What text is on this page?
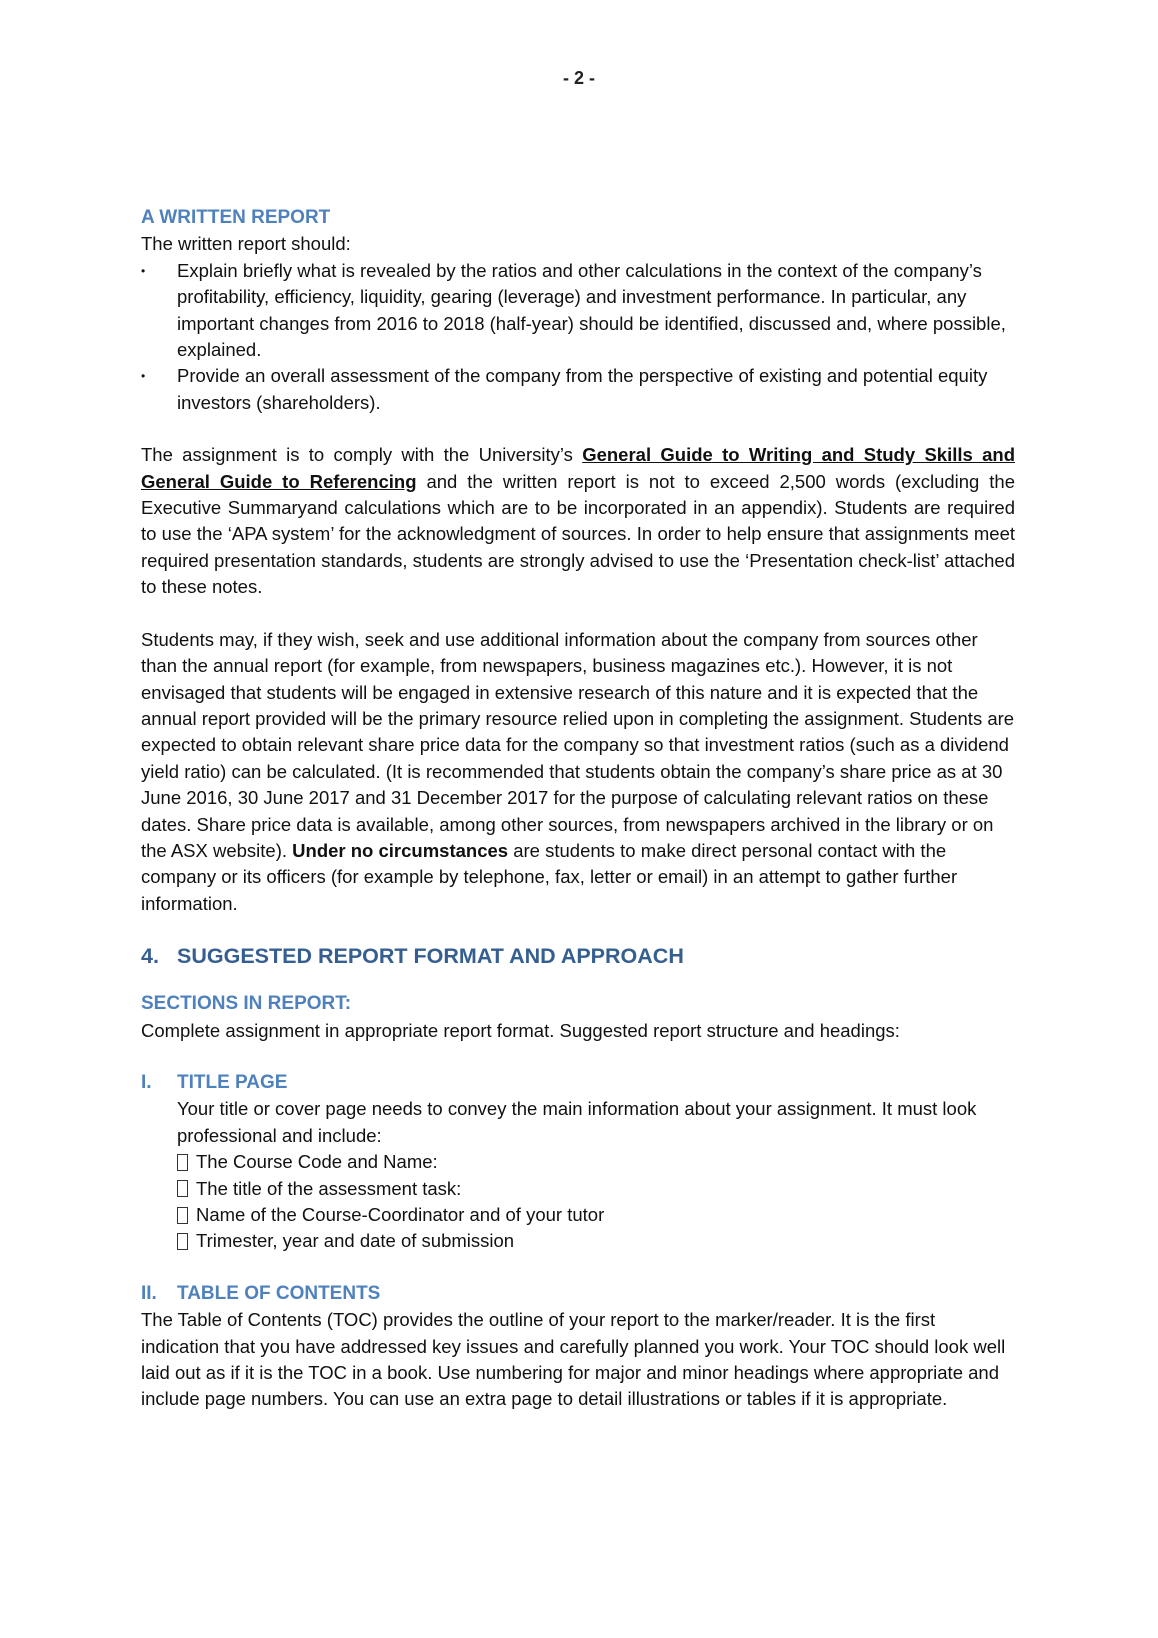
- 2 -

A WRITTEN REPORT

The written report should:

• Explain briefly what is revealed by the ratios and other calculations in the context of the company’s profitability, efficiency, liquidity, gearing (leverage) and investment performance. In particular, any important changes from 2016 to 2018 (half-year) should be identified, discussed and, where possible, explained.
• Provide an overall assessment of the company from the perspective of existing and potential equity investors (shareholders).

The assignment is to comply with the University’s General Guide to Writing and Study Skills and General Guide to Referencing and the written report is not to exceed 2,500 words (excluding the Executive Summaryand calculations which are to be incorporated in an appendix). Students are required to use the ‘APA system’ for the acknowledgment of sources. In order to help ensure that assignments meet required presentation standards, students are strongly advised to use the ‘Presentation check-list’ attached to these notes.

Students may, if they wish, seek and use additional information about the company from sources other than the annual report (for example, from newspapers, business magazines etc.). However, it is not envisaged that students will be engaged in extensive research of this nature and it is expected that the annual report provided will be the primary resource relied upon in completing the assignment. Students are expected to obtain relevant share price data for the company so that investment ratios (such as a dividend yield ratio) can be calculated. (It is recommended that students obtain the company’s share price as at 30 June 2016, 30 June 2017 and 31 December 2017 for the purpose of calculating relevant ratios on these dates. Share price data is available, among other sources, from newspapers archived in the library or on the ASX website). Under no circumstances are students to make direct personal contact with the company or its officers (for example by telephone, fax, letter or email) in an attempt to gather further information.

4. SUGGESTED REPORT FORMAT AND APPROACH

SECTIONS IN REPORT:

Complete assignment in appropriate report format. Suggested report structure and headings:

I.	TITLE PAGE

Your title or cover page needs to convey the main information about your assignment. It must look professional and include:

The Course Code and Name:
The title of the assessment task:
Name of the Course-Coordinator and of your tutor
Trimester, year and date of submission
II.	TABLE OF CONTENTS

The Table of Contents (TOC) provides the outline of your report to the marker/reader. It is the first indication that you have addressed key issues and carefully planned you work. Your TOC should look well laid out as if it is the TOC in a book. Use numbering for major and minor headings where appropriate and include page numbers. You can use an extra page to detail illustrations or tables if it is appropriate.
